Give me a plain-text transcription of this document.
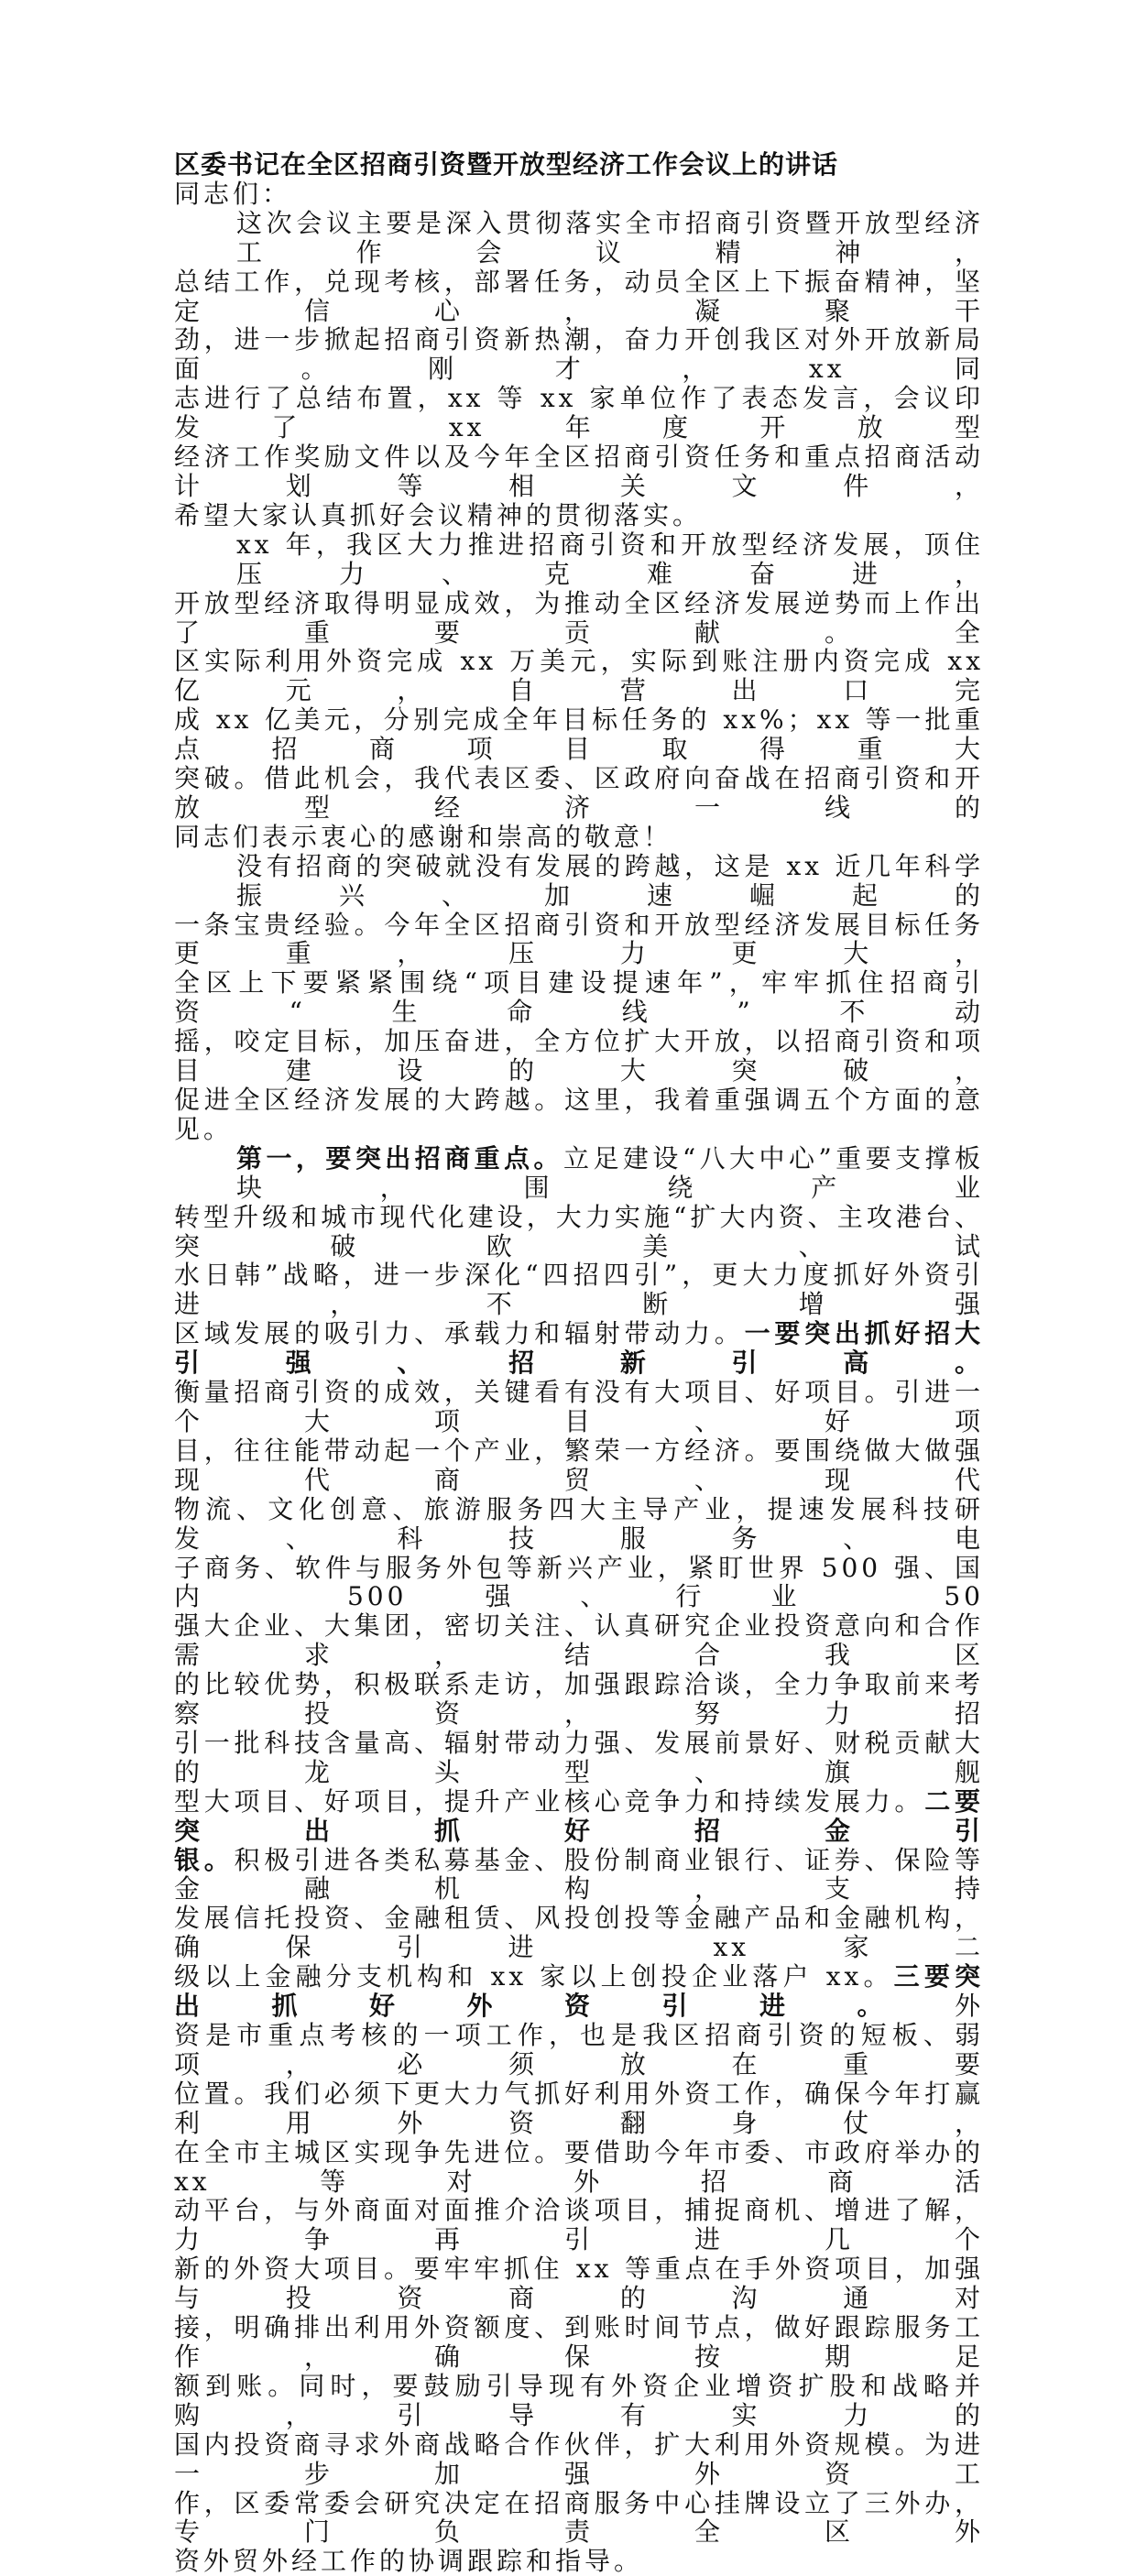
区委书记在全区招商引资暨开放型经济工作会议上的讲话
同志们：
这次会议主要是深入贯彻落实全市招商引资暨开放型经济工作会议精神，
总结工作，兑现考核，部署任务，动员全区上下振奋精神，坚定信心，凝聚干
劲，进一步掀起招商引资新热潮，奋力开创我区对外开放新局面。刚才，xx 同
志进行了总结布置，xx 等 xx 家单位作了表态发言，会议印发了 xx 年度开放型
经济工作奖励文件以及今年全区招商引资任务和重点招商活动计划等相关文件，
希望大家认真抓好会议精神的贯彻落实。
xx 年，我区大力推进招商引资和开放型经济发展，顶住压力、克难奋进，
开放型经济取得明显成效，为推动全区经济发展逆势而上作出了重要贡献。全
区实际利用外资完成 xx 万美元，实际到账注册内资完成 xx 亿元，自营出口完
成 xx 亿美元，分别完成全年目标任务的 xx%；xx 等一批重点招商项目取得重大
突破。借此机会，我代表区委、区政府向奋战在招商引资和开放型经济一线的
同志们表示衷心的感谢和崇高的敬意！
没有招商的突破就没有发展的跨越，这是 xx 近几年科学振兴、加速崛起的
一条宝贵经验。今年全区招商引资和开放型经济发展目标任务更重，压力更大，
全区上下要紧紧围绕“项目建设提速年”，牢牢抓住招商引资“生命线”不动
摇，咬定目标，加压奋进，全方位扩大开放，以招商引资和项目建设的大突破，
促进全区经济发展的大跨越。这里，我着重强调五个方面的意见。
第一，要突出招商重点。立足建设“八大中心”重要支撑板块，围绕产业
转型升级和城市现代化建设，大力实施“扩大内资、主攻港台、突破欧美、试
水日韩”战略，进一步深化“四招四引”，更大力度抓好外资引进，不断增强
区域发展的吸引力、承载力和辐射带动力。一要突出抓好招大引强、招新引高。
衡量招商引资的成效，关键看有没有大项目、好项目。引进一个大项目、好项
目，往往能带动起一个产业，繁荣一方经济。要围绕做大做强现代商贸、现代
物流、文化创意、旅游服务四大主导产业，提速发展科技研发、科技服务、电
子商务、软件与服务外包等新兴产业，紧盯世界 500 强、国内 500 强、行业 50
强大企业、大集团，密切关注、认真研究企业投资意向和合作需求，结合我区
的比较优势，积极联系走访，加强跟踪洽谈，全力争取前来考察投资，努力招
引一批科技含量高、辐射带动力强、发展前景好、财税贡献大的龙头型、旗舰
型大项目、好项目，提升产业核心竞争力和持续发展力。二要突出抓好招金引
银。积极引进各类私募基金、股份制商业银行、证券、保险等金融机构，支持
发展信托投资、金融租赁、风投创投等金融产品和金融机构，确保引进 xx 家二
级以上金融分支机构和 xx 家以上创投企业落户 xx。三要突出抓好外资引进。外
资是市重点考核的一项工作，也是我区招商引资的短板、弱项，必须放在重要
位置。我们必须下更大力气抓好利用外资工作，确保今年打赢利用外资翻身仗，
在全市主城区实现争先进位。要借助今年市委、市政府举办的 xx 等对外招商活
动平台，与外商面对面推介洽谈项目，捕捉商机、增进了解，力争再引进几个
新的外资大项目。要牢牢抓住 xx 等重点在手外资项目，加强与投资商的沟通对
接，明确排出利用外资额度、到账时间节点，做好跟踪服务工作，确保按期足
额到账。同时，要鼓励引导现有外资企业增资扩股和战略并购，引导有实力的
国内投资商寻求外商战略合作伙伴，扩大利用外资规模。为进一步加强外资工
作，区委常委会研究决定在招商服务中心挂牌设立了三外办，专门负责全区外
资外贸外经工作的协调跟踪和指导。
